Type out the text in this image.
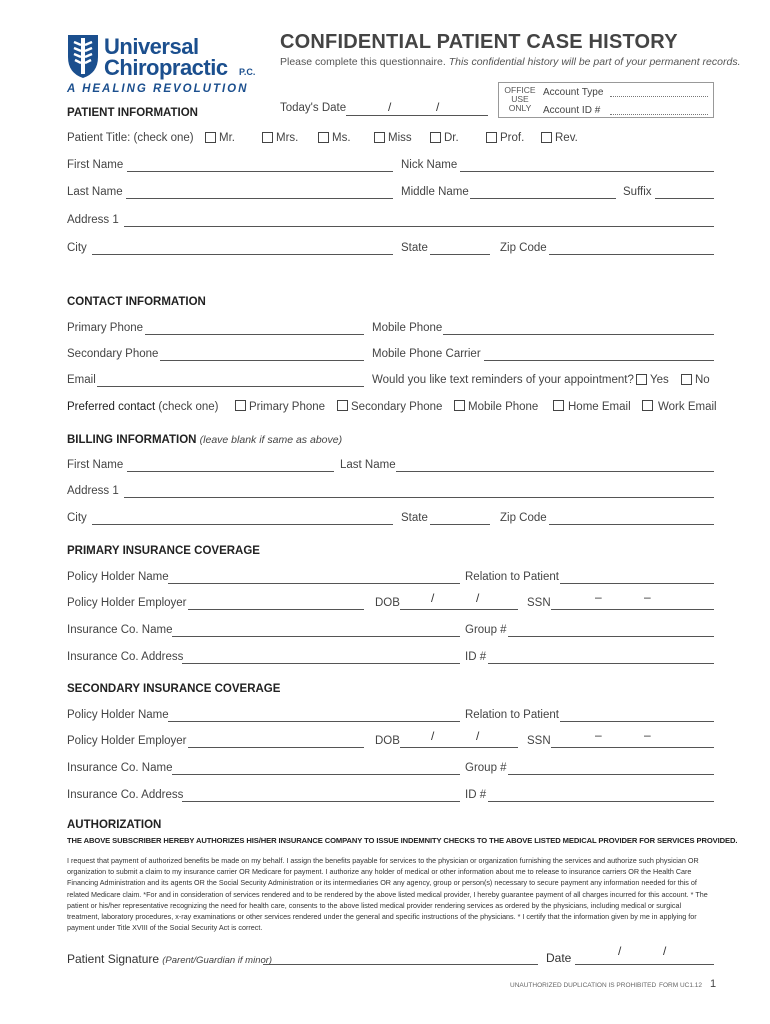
Universal
Chiropractic P.C.
A HEALING REVOLUTION
CONFIDENTIAL PATIENT CASE HISTORY
Please complete this questionnaire. This confidential history will be part of your permanent records.
OFFICE
USE
ONLY
Account Type
Account ID #
PATIENT INFORMATION	Today's Date	/	/
Patient Title: (check one) Mr.	Mrs.	Ms.	Miss	Dr.	Prof.	Rev.
First Name	Nick Name
Last Name	Middle Name	Suffix
Address 1
City	State	Zip Code
CONTACT INFORMATION
Primary Phone	Mobile Phone
Secondary Phone	Mobile Phone Carrier
Email	Would you like text reminders of your appointment? Yes No
Preferred contact (check one)	Primary Phone Secondary Phone Mobile Phone	Home Email Work Email
BILLING INFORMATION (leave blank if same as above)
First Name	Last Name
Address 1
City	State	Zip Code
PRIMARY INSURANCE COVERAGE
Policy Holder Name	Relation to Patient
Policy Holder Employer	DOB	/	/	SSN	–	–
Insurance Co. Name	Group #
Insurance Co. Address	ID #
SECONDARY INSURANCE COVERAGE
Policy Holder Name	Relation to Patient
Policy Holder Employer	DOB	/	/	SSN	–	–
Insurance Co. Name	Group #
Insurance Co. Address	ID #
AUTHORIZATION
THE ABOVE SUBSCRIBER HEREBY AUTHORIZES HIS/HER INSURANCE COMPANY TO ISSUE INDEMNITY CHECKS TO THE ABOVE LISTED MEDICAL PROVIDER FOR SERVICES PROVIDED.
I request that payment of authorized benefits be made on my behalf. I assign the benefits payable for services to the physician or organization furnishing the services and authorize such physician OR organization to submit a claim to my insurance carrier OR Medicare for payment. I authorize any holder of medical or other information about me to release to insurance carriers OR the Health Care Financing Administration and its agents OR the Social Security Administration or its intermediaries OR any agency, group or person(s) necessary to secure payment any information needed for this of related Medicare claim. *For and in consideration of services rendered and to be rendered by the above listed medical provider, I hereby guarantee payment of all charges incurred for this account. * The patient or his/her representative recognizing the need for health care, consents to the above listed medical provider rendering services as ordered by the physicians, including medical or surgical treatment, laboratory procedures, x-ray examinations or other services rendered under the general and specific instructions of the physicians. * I certify that the information given by me in applying for payment under Title XVIII of the Social Security Act is correct.
Patient Signature (Parent/Guardian if minor)	Date	/	/
UNAUTHORIZED DUPLICATION IS PROHIBITED FORM UC1.12 1
